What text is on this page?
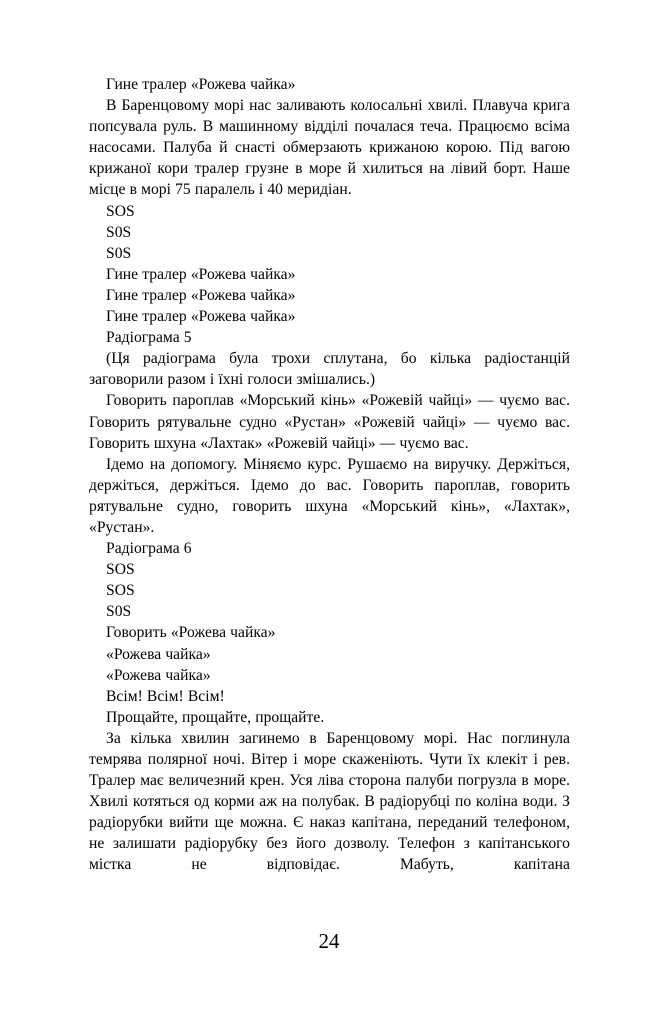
Гине тралер «Рожева чайка»

В Баренцовому морі нас заливають колосальні хвилі. Плавуча крига попсувала руль. В машинному відділі почалася теча. Працюємо всіма насосами. Палуба й снасті обмерзають крижаною корою. Під вагою крижаної кори тралер грузне в море й хилиться на лівий борт. Наше місце в морі 75 паралель і 40 меридіан.

SOS

S0S

S0S

Гине тралер «Рожева чайка»

Гине тралер «Рожева чайка»

Гине тралер «Рожева чайка»

Радіограма 5

(Ця радіограма була трохи сплутана, бо кілька радіостанцій заговорили разом і їхні голоси змішались.)

Говорить пароплав «Морський кінь» «Рожевій чайці» — чуємо вас. Говорить рятувальне судно «Рустан» «Рожевій чайці» — чуємо вас. Говорить шхуна «Лахтак» «Рожевій чайці» — чуємо вас.

Ідемо на допомогу. Міняємо курс. Рушаємо на виручку. Держіться, держіться, держіться. Ідемо до вас. Говорить пароплав, говорить рятувальне судно, говорить шхуна «Морський кінь», «Лахтак», «Рустан».

Радіограма 6

SOS

SOS

S0S

Говорить «Рожева чайка»

«Рожева чайка»

«Рожева чайка»

Всім! Всім! Всім!

Прощайте, прощайте, прощайте.

За кілька хвилин загинемо в Баренцовому морі. Нас поглинула темрява полярної ночі. Вітер і море скаженіють. Чути їх клекіт і рев. Тралер має величезний крен. Уся ліва сторона палуби погрузла в море. Хвилі котяться од корми аж на полубак. В радіорубці по коліна води. З радіорубки вийти ще можна. Є наказ капітана, переданий телефоном, не залишати радіорубку без його дозволу. Телефон з капітанського містка не відповідає. Мабуть, капітана

24
